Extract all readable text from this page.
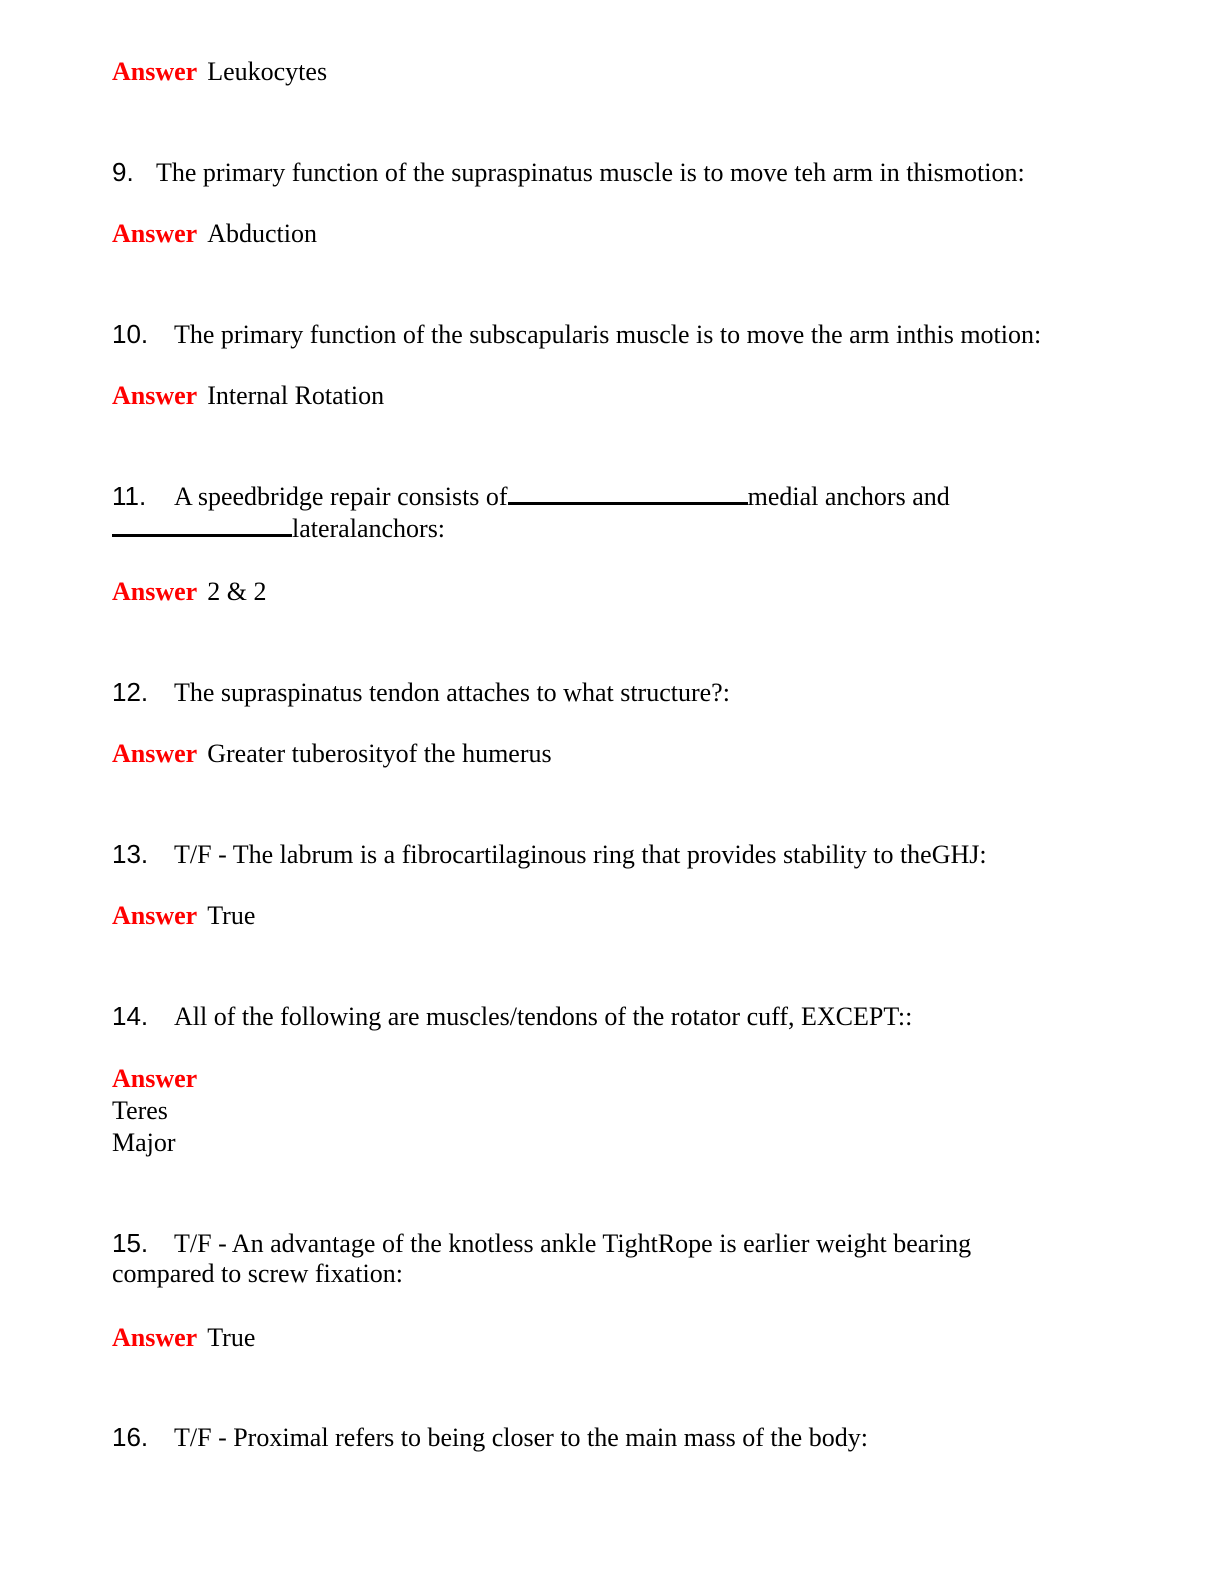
Answer Leukocytes
9. The primary function of the supraspinatus muscle is to move teh arm in thismotion:
Answer Abduction
10. The primary function of the subscapularis muscle is to move the arm inthis motion:
Answer Internal Rotation
11. A speedbridge repair consists of	medial anchors and
lateralanchors:
Answer 2 & 2
12. The supraspinatus tendon attaches to what structure?:
Answer Greater tuberosityof the humerus
13. T/F - The labrum is a fibrocartilaginous ring that provides stability to theGHJ:
Answer True
14. All of the following are muscles/tendons of the rotator cuff, EXCEPT::
Answer
Teres
Major
15. T/F - An advantage of the knotless ankle TightRope is earlier weight bearing
compared to screw fixation:
Answer True
16. T/F - Proximal refers to being closer to the main mass of the body:
